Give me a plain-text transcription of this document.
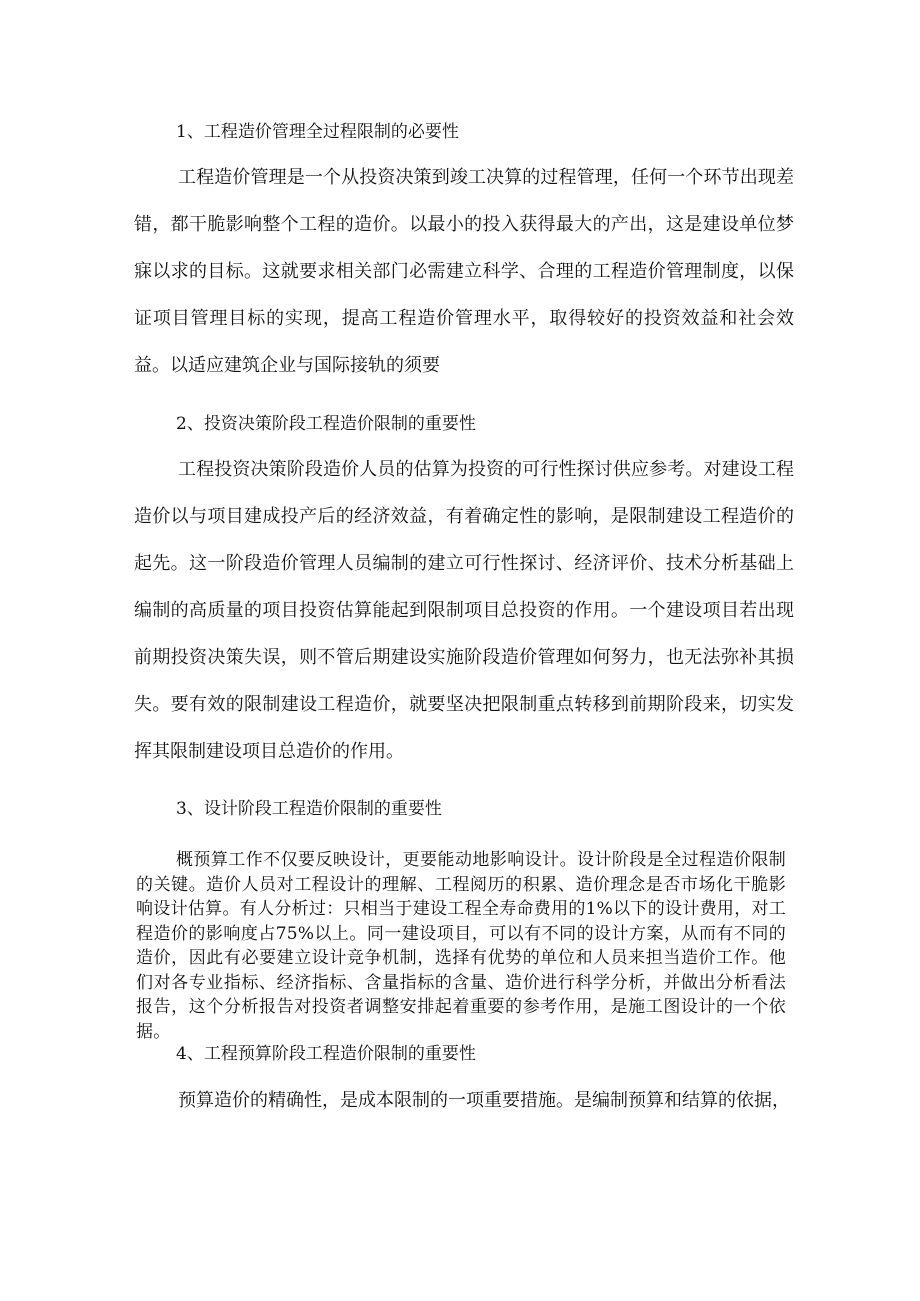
1、工程造价管理全过程限制的必要性
工程造价管理是一个从投资决策到竣工决算的过程管理，任何一个环节出现差错，都干脆影响整个工程的造价。以最小的投入获得最大的产出，这是建设单位梦寐以求的目标。这就要求相关部门必需建立科学、合理的工程造价管理制度，以保证项目管理目标的实现，提高工程造价管理水平，取得较好的投资效益和社会效益。以适应建筑企业与国际接轨的须要
2、投资决策阶段工程造价限制的重要性
工程投资决策阶段造价人员的估算为投资的可行性探讨供应参考。对建设工程造价以与项目建成投产后的经济效益，有着确定性的影响，是限制建设工程造价的起先。这一阶段造价管理人员编制的建立可行性探讨、经济评价、技术分析基础上编制的高质量的项目投资估算能起到限制项目总投资的作用。一个建设项目若出现前期投资决策失误，则不管后期建设实施阶段造价管理如何努力，也无法弥补其损失。要有效的限制建设工程造价，就要坚决把限制重点转移到前期阶段来，切实发挥其限制建设项目总造价的作用。
3、设计阶段工程造价限制的重要性
概预算工作不仅要反映设计，更要能动地影响设计。设计阶段是全过程造价限制的关键。造价人员对工程设计的理解、工程阅历的积累、造价理念是否市场化干脆影响设计估算。有人分析过：只相当于建设工程全寿命费用的1%以下的设计费用，对工程造价的影响度占75%以上。同一建设项目，可以有不同的设计方案，从而有不同的造价，因此有必要建立设计竞争机制，选择有优势的单位和人员来担当造价工作。他们对各专业指标、经济指标、含量指标的含量、造价进行科学分析，并做出分析看法报告，这个分析报告对投资者调整安排起着重要的参考作用，是施工图设计的一个依据。
4、工程预算阶段工程造价限制的重要性
预算造价的精确性，是成本限制的一项重要措施。是编制预算和结算的依据，
